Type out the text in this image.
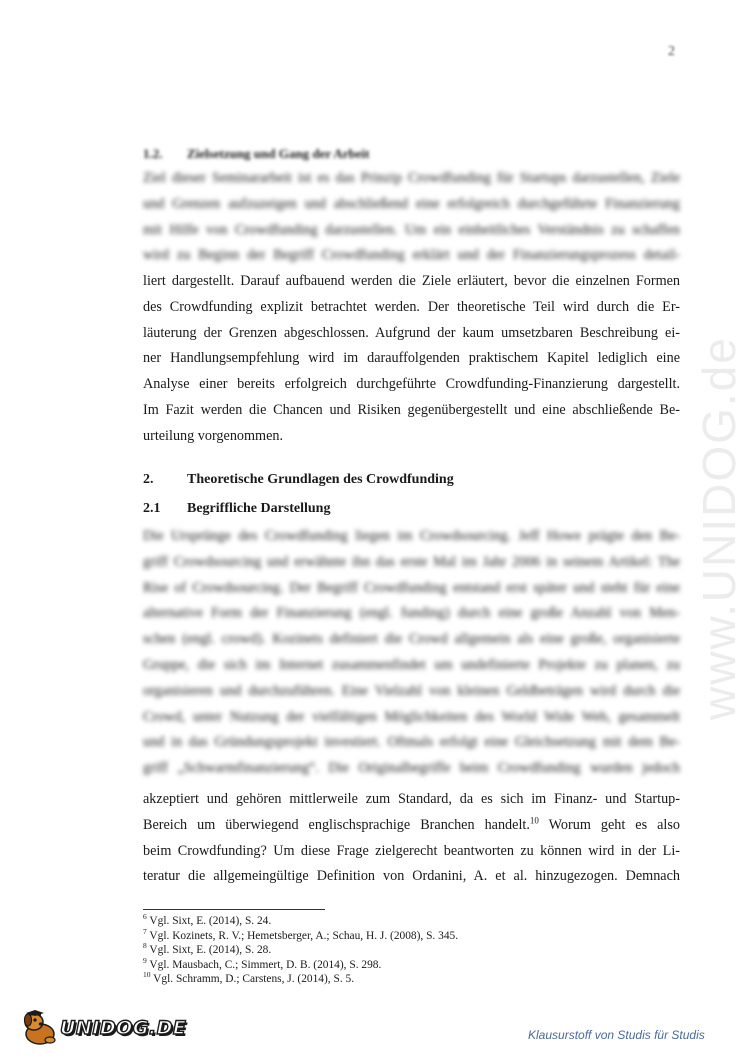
2
www.UNIDOG.de
1.2. Zielsetzung und Gang der Arbeit
Ziel dieser Seminararbeit ist es das Prinzip Crowdfunding für Startups darzustellen, Ziele
und Grenzen aufzuzeigen und abschließend eine erfolgreich durchgeführte Finanzierung
mit Hilfe von Crowdfunding darzustellen. Um ein einheitliches Verständnis zu schaffen
wird zu Beginn der Begriff Crowdfunding erklärt und der Finanzierungsprozess detail-
liert dargestellt. Darauf aufbauend werden die Ziele erläutert, bevor die einzelnen Formen
des Crowdfunding explizit betrachtet werden. Der theoretische Teil wird durch die Er-
läuterung der Grenzen abgeschlossen. Aufgrund der kaum umsetzbaren Beschreibung ei-
ner Handlungsempfehlung wird im darauffolgenden praktischem Kapitel lediglich eine
Analyse einer bereits erfolgreich durchgeführte Crowdfunding-Finanzierung dargestellt.
Im Fazit werden die Chancen und Risiken gegenübergestellt und eine abschließende Be-
urteilung vorgenommen.
2. Theoretische Grundlagen des Crowdfunding
2.1 Begriffliche Darstellung
Die Ursprünge des Crowdfunding liegen im Crowdsourcing. Jeff Howe prägte den Be-
griff Crowdsourcing und erwähnte ihn das erste Mal im Jahr 2006 in seinem Artikel: The
Rise of Crowdsourcing. Der Begriff Crowdfunding entstand erst später und steht für eine
alternative Form der Finanzierung (engl. funding) durch eine große Anzahl von Men-
schen (engl. crowd). Kozinets definiert die Crowd allgemein als eine große, organisierte
Gruppe, die sich im Internet zusammenfindet um undefinierte Projekte zu planen, zu
organisieren und durchzuführen. Eine Vielzahl von kleinen Geldbeträgen wird durch die
Crowd, unter Nutzung der vielfältigen Möglichkeiten des World Wide Web, gesammelt
und in das Gründungsprojekt investiert. Oftmals erfolgt eine Gleichsetzung mit dem Be-
griff „Schwarmfinanzierung“. Die Originalbegriffe beim Crowdfunding wurden jedoch
akzeptiert und gehören mittlerweile zum Standard, da es sich im Finanz- und Startup-
Bereich um überwiegend englischsprachige Branchen handelt.$^{10}$ Worum geht es also
beim Crowdfunding? Um diese Frage zielgerecht beantworten zu können wird in der Li-
teratur die allgemeingültige Definition von Ordanini, A. et al. hinzugezogen. Demnach
$^6$ Vgl. Sixt, E. (2014), S. 24.
$^7$ Vgl. Kozinets, R. V.; Hemetsberger, A.; Schau, H. J. (2008), S. 345.
$^8$ Vgl. Sixt, E. (2014), S. 28.
$^9$ Vgl. Mausbach, C.; Simmert, D. B. (2014), S. 298.
$^{10}$ Vgl. Schramm, D.; Carstens, J. (2014), S. 5.
UNIDOG.DE	Klausurstoff von Studis für Studis
